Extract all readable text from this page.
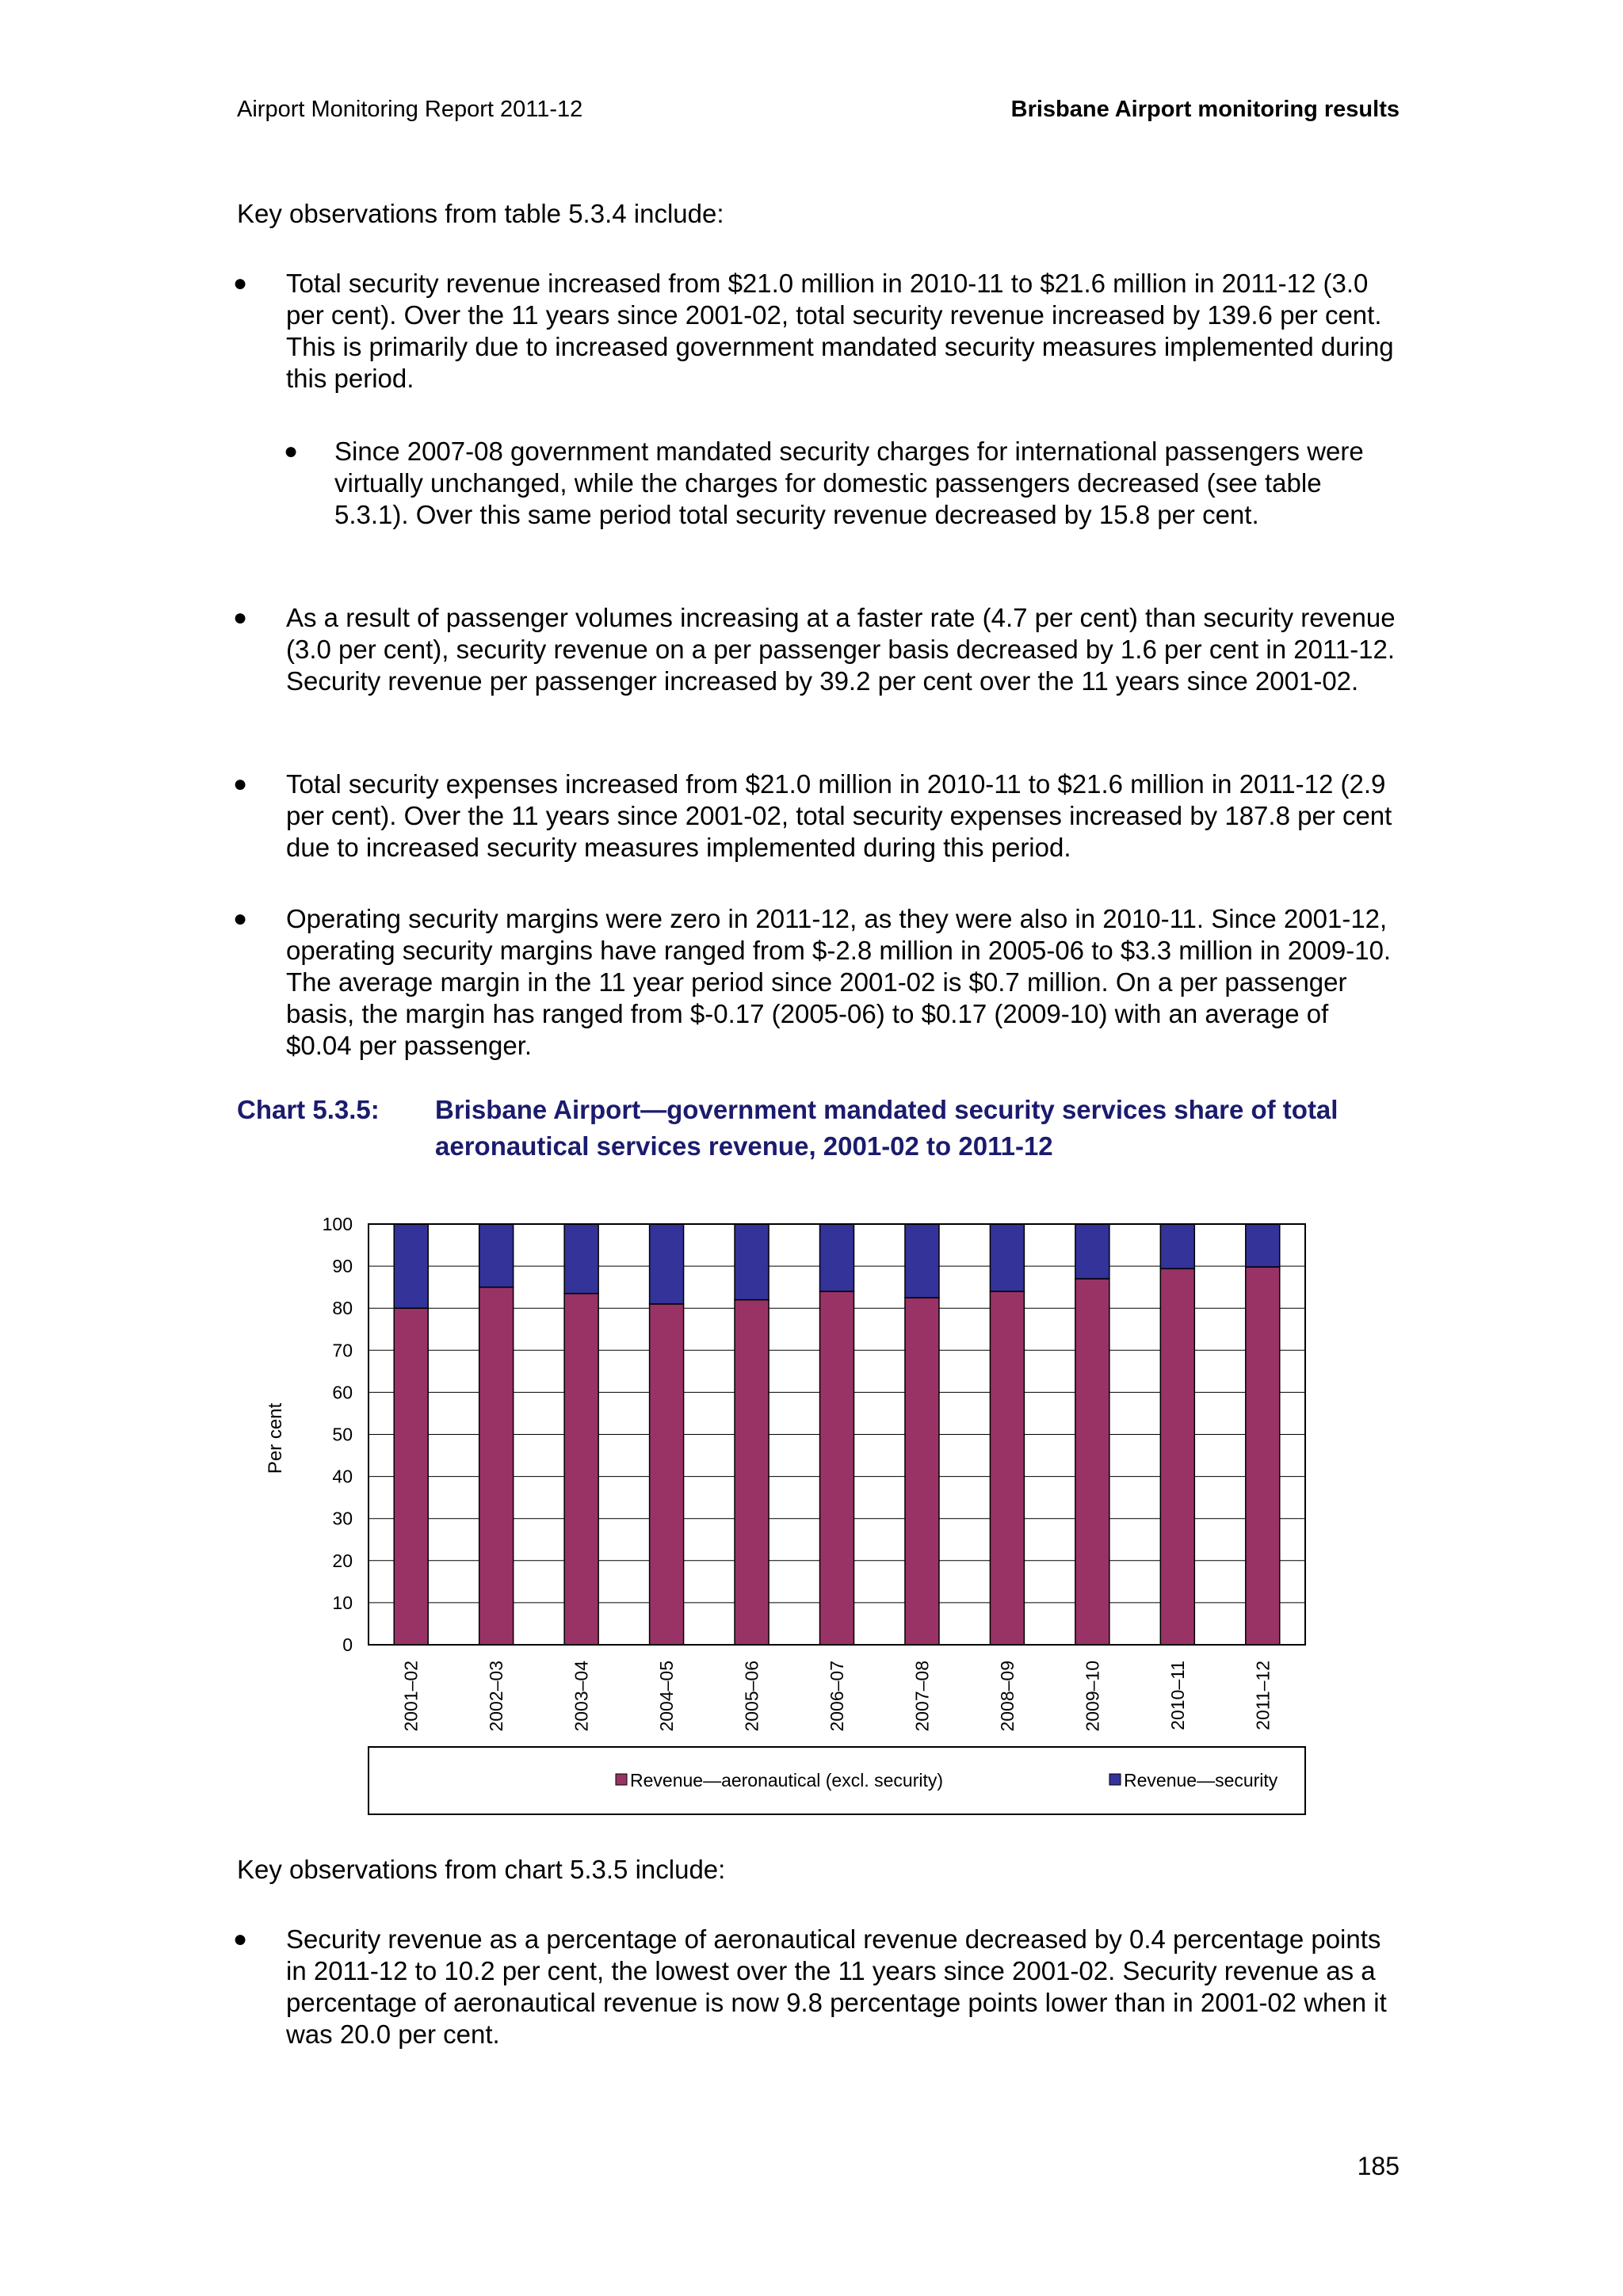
Airport Monitoring Report 2011-12	Brisbane Airport monitoring results

Key observations from table 5.3.4 include:

● Total security revenue increased from $21.0 million in 2010-11 to $21.6 million in 2011-12 (3.0 per cent). Over the 11 years since 2001-02, total security revenue increased by 139.6 per cent. This is primarily due to increased government mandated security measures implemented during this period.

● Since 2007-08 government mandated security charges for international passengers were virtually unchanged, while the charges for domestic passengers decreased (see table 5.3.1). Over this same period total security revenue decreased by 15.8 per cent.

● As a result of passenger volumes increasing at a faster rate (4.7 per cent) than security revenue (3.0 per cent), security revenue on a per passenger basis decreased by 1.6 per cent in 2011-12. Security revenue per passenger increased by 39.2 per cent over the 11 years since 2001-02.

● Total security expenses increased from $21.0 million in 2010-11 to $21.6 million in 2011-12 (2.9 per cent). Over the 11 years since 2001-02, total security expenses increased by 187.8 per cent due to increased security measures implemented during this period.

● Operating security margins were zero in 2011-12, as they were also in 2010-11. Since 2001-12, operating security margins have ranged from $-2.8 million in 2005-06 to $3.3 million in 2009-10. The average margin in the 11 year period since 2001-02 is $0.7 million. On a per passenger basis, the margin has ranged from $-0.17 (2005-06) to $0.17 (2009-10) with an average of $0.04 per passenger.

Chart 5.3.5: Brisbane Airport—government mandated security services share of total aeronautical services revenue, 2001-02 to 2011-12
0
10
20
30
40
50
60
70
80
90
100
2001–02	2002–03	2003–04	2004–05	2005–06	2006–07	2007–08	2008–09	2009–10	2010–11	2011–12
Per cent
Revenue—aeronautical (excl. security)	Revenue—security

Key observations from chart 5.3.5 include:

● Security revenue as a percentage of aeronautical revenue decreased by 0.4 percentage points in 2011-12 to 10.2 per cent, the lowest over the 11 years since 2001-02. Security revenue as a percentage of aeronautical revenue is now 9.8 percentage points lower than in 2001-02 when it was 20.0 per cent.

185
